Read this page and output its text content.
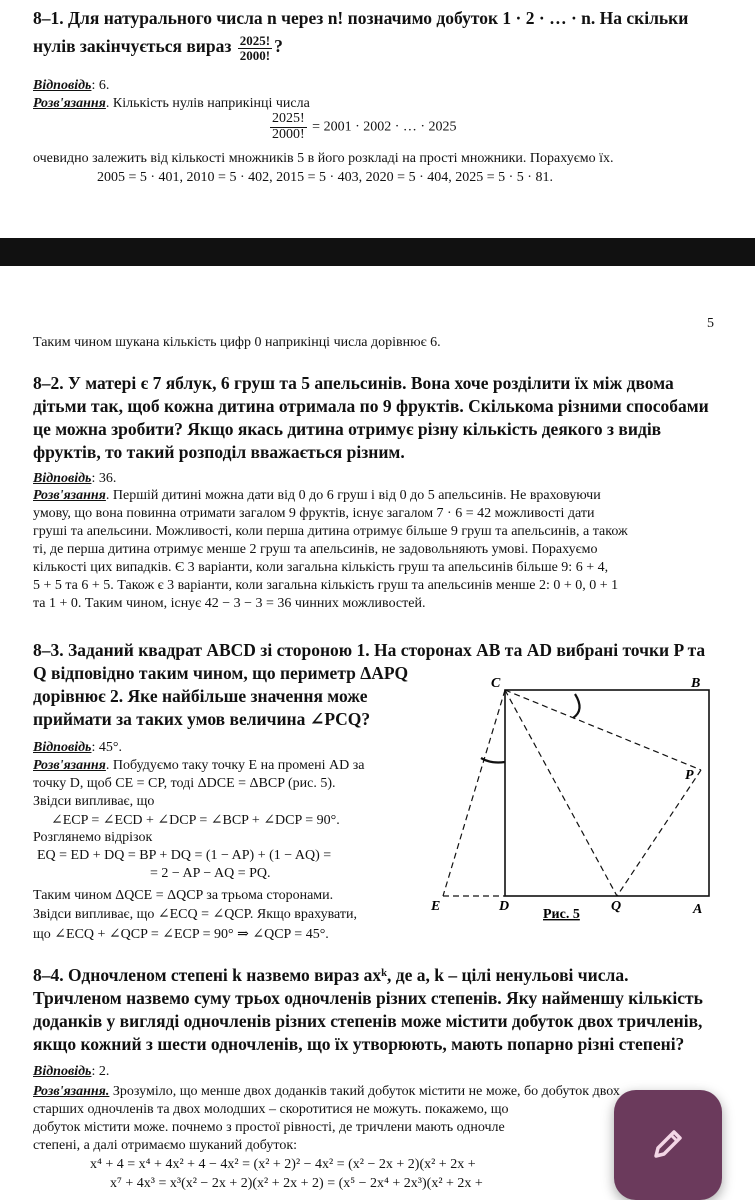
8–1. Для натурального числа n через n! позначимо добуток 1 · 2 · … · n. На скільки
нулів закінчується вираз $\frac{2025!}{2000!}$ ?
Відповідь: 6.
Розв'язання. Кількість нулів наприкінці числа
$\frac{2025!}{2000!} = 2001 \cdot 2002$ · … · 2025
очевидно залежить від кількості множників 5 в його розкладі на прості множники. Порахуємо їх.
2005 = 5 · 401, 2010 = 5 · 402, 2015 = 5 · 403, 2020 = 5 · 404, 2025 = 5 · 5 · 81.
5
Таким чином шукана кількість цифр 0 наприкінці числа дорівнює 6.
8–2. У матері є 7 яблук, 6 груш та 5 апельсинів. Вона хоче розділити їх між двома
дітьми так, щоб кожна дитина отримала по 9 фруктів. Скількома різними способами
це можна зробити? Якщо якась дитина отримує різну кількість деякого з видів
фруктів, то такий розподіл вважається різним.
Відповідь: 36.
Розв'язання. Першій дитині можна дати від 0 до 6 груш і від 0 до 5 апельсинів. Не враховуючи
умову, що вона повинна отримати загалом 9 фруктів, існує загалом 7 · 6 = 42 можливості дати
груші та апельсини. Можливості, коли перша дитина отримує більше 9 груш та апельсинів, а також
ті, де перша дитина отримує менше 2 груш та апельсинів, не задовольняють умові. Порахуємо
кількості цих випадків. Є 3 варіанти, коли загальна кількість груш та апельсинів більше 9: 6 + 4,
5 + 5 та 6 + 5. Також є 3 варіанти, коли загальна кількість груш та апельсинів менше 2: 0 + 0, 0 + 1
та 1 + 0. Таким чином, існує 42 − 3 − 3 = 36 чинних можливостей.
8–3. Заданий квадрат ABCD зі стороною 1. На сторонах AB та AD вибрані точки P та
Q відповідно таким чином, що периметр ΔAPQ
дорівнює 2. Яке найбільше значення може
приймати за таких умов величина ∠PCQ?
Відповідь: 45°.
Розв'язання. Побудуємо таку точку E на промені AD за
точку D, щоб CE = CP, тоді ΔDCE = ΔBCP (рис. 5).
Звідси випливає, що
∠ECP = ∠ECD + ∠DCP = ∠BCP + ∠DCP = 90°.
Розглянемо відрізок
EQ = ED + DQ = BP + DQ = (1 − AP) + (1 − AQ) =
= 2 − AP − AQ = PQ.
Таким чином ΔQCE = ΔQCP за трьома сторонами.
Звідси випливає, що ∠ECQ = ∠QCP. Якщо врахувати,
що ∠ECQ + ∠QCP = ∠ECP = 90° ⇒ ∠QCP = 45°.
C	B
P
E	D	Q	A
Рис. 5
8–4. Одночленом степені k назвемо вираз axᵏ, де a, k – цілі ненульові числа.
Тричленом назвемо суму трьох одночленів різних степенів. Яку найменшу кількість
доданків у вигляді одночленів різних степенів може містити добуток двох тричленів,
якщо кожний з шести одночленів, що їх утворюють, мають попарно різні степені?
Відповідь: 2.
Розв'язання. Зрозуміло, що менше двох доданків такий добуток містити не може, бо добуток двох
старших одночленів та двох молодших – скоротитися не можуть. покажемо, що
добуток містити може. почнемо з простої рівності, де тричлени мають одночле
степені, а далі отримаємо шуканий добуток:
x⁴ + 4 = x⁴ + 4x² + 4 − 4x² = (x² + 2)² − 4x² = (x² − 2x + 2)(x² + 2x +
x⁷ + 4x³ = x³(x² − 2x + 2)(x² + 2x + 2) = (x⁵ − 2x⁴ + 2x³)(x² + 2x +
